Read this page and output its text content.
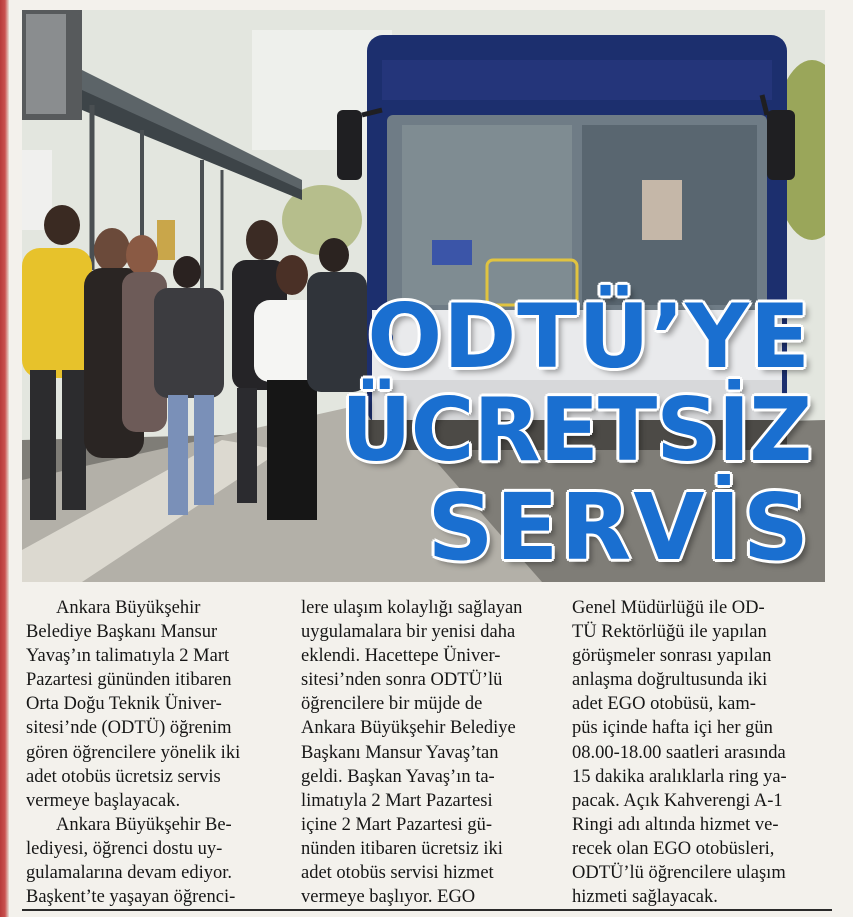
ODTÜ’YE
ÜCRETSİZ
SERVİS
Ankara Büyükşehir
Belediye Başkanı Mansur
Yavaş’ın talimatıyla 2 Mart
Pazartesi gününden itibaren
Orta Doğu Teknik Üniver-
sitesi’nde (ODTÜ) öğrenim
gören öğrencilere yönelik iki
adet otobüs ücretsiz servis
vermeye başlayacak.
Ankara Büyükşehir Be-
lediyesi, öğrenci dostu uy-
gulamalarına devam ediyor.
Başkent’te yaşayan öğrenci-
lere ulaşım kolaylığı sağlayan
uygulamalara bir yenisi daha
eklendi. Hacettepe Üniver-
sitesi’nden sonra ODTÜ’lü
öğrencilere bir müjde de
Ankara Büyükşehir Belediye
Başkanı Mansur Yavaş’tan
geldi. Başkan Yavaş’ın ta-
limatıyla 2 Mart Pazartesi
içine 2 Mart Pazartesi gü-
nünden itibaren ücretsiz iki
adet otobüs servisi hizmet
vermeye başlıyor. EGO
Genel Müdürlüğü ile OD-
TÜ Rektörlüğü ile yapılan
görüşmeler sonrası yapılan
anlaşma doğrultusunda iki
adet EGO otobüsü, kam-
püs içinde hafta içi her gün
08.00-18.00 saatleri arasında
15 dakika aralıklarla ring ya-
pacak. Açık Kahverengi A-1
Ringi adı altında hizmet ve-
recek olan EGO otobüsleri,
ODTÜ’lü öğrencilere ulaşım
hizmeti sağlayacak.
